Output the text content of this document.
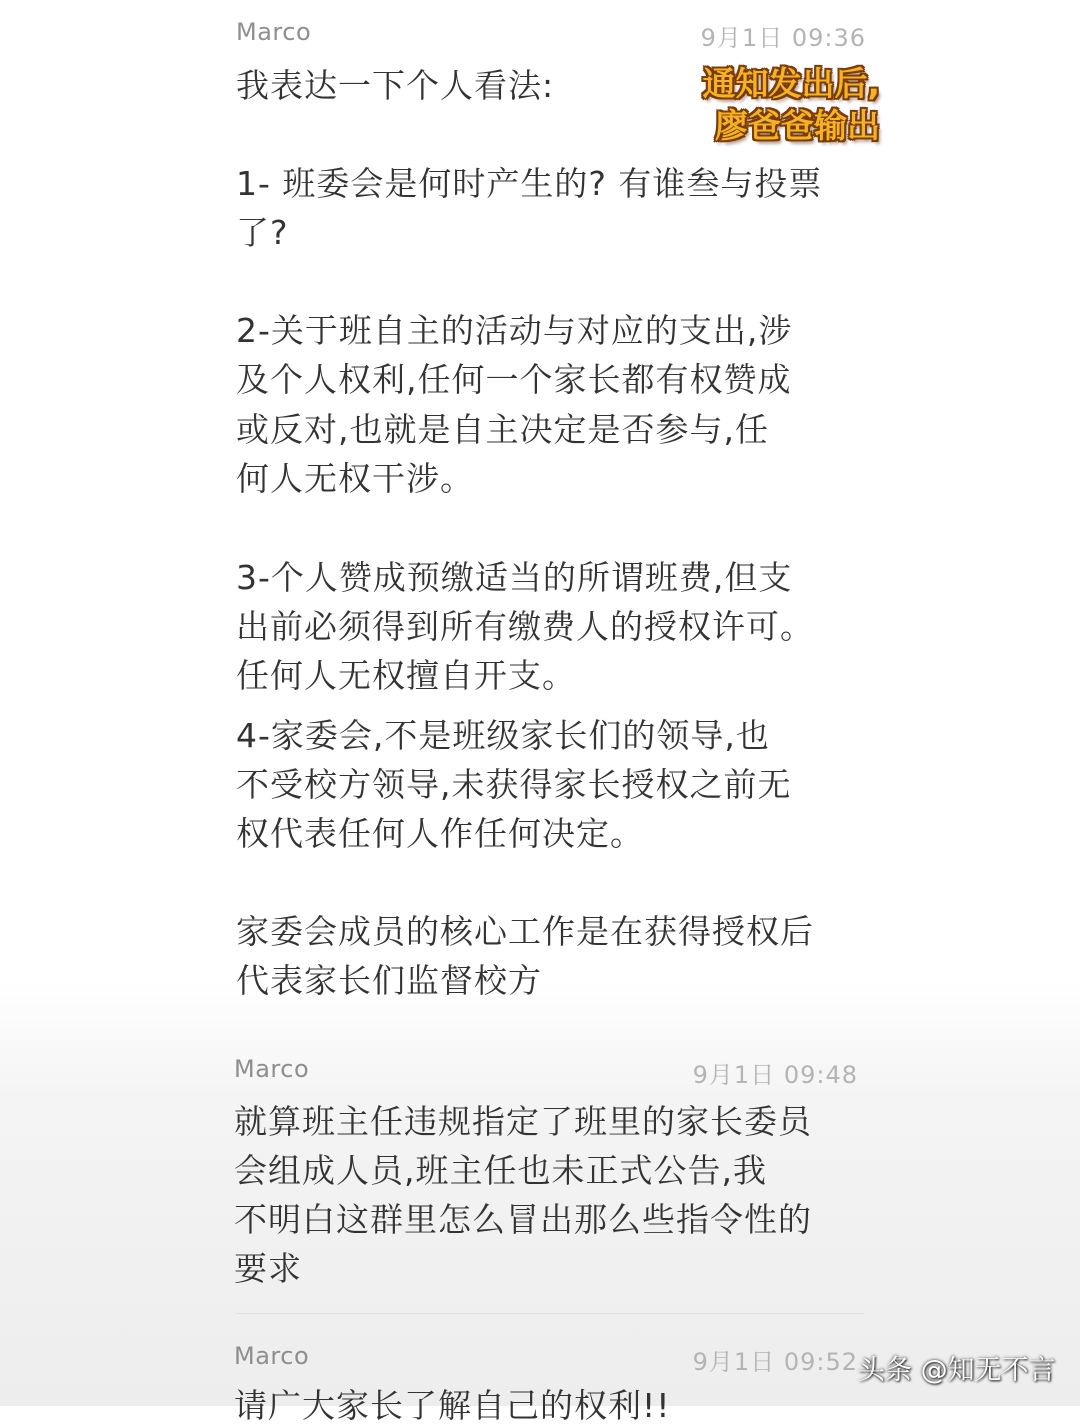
Marco	9月1日 09:36
我表达一下个人看法:
1- 班委会是何时产生的? 有谁叁与投票
了?
2-关于班自主的活动与对应的支出,涉
及个人权利,任何一个家长都有权赞成
或反对,也就是自主决定是否参与,任
何人无权干涉。
3-个人赞成预缴适当的所谓班费,但支
出前必须得到所有缴费人的授权许可。
任何人无权擅自开支。
4-家委会,不是班级家长们的领导,也
不受校方领导,未获得家长授权之前无
权代表任何人作任何决定。
家委会成员的核心工作是在获得授权后
代表家长们监督校方
Marco	9月1日 09:48
就算班主任违规指定了班里的家长委员
会组成人员,班主任也未正式公告,我
不明白这群里怎么冒出那么些指令性的
要求
Marco	9月1日 09:52
请广大家长了解自己的权利!!
通知发出后,
廖爸爸输出
头条 @知无不言
